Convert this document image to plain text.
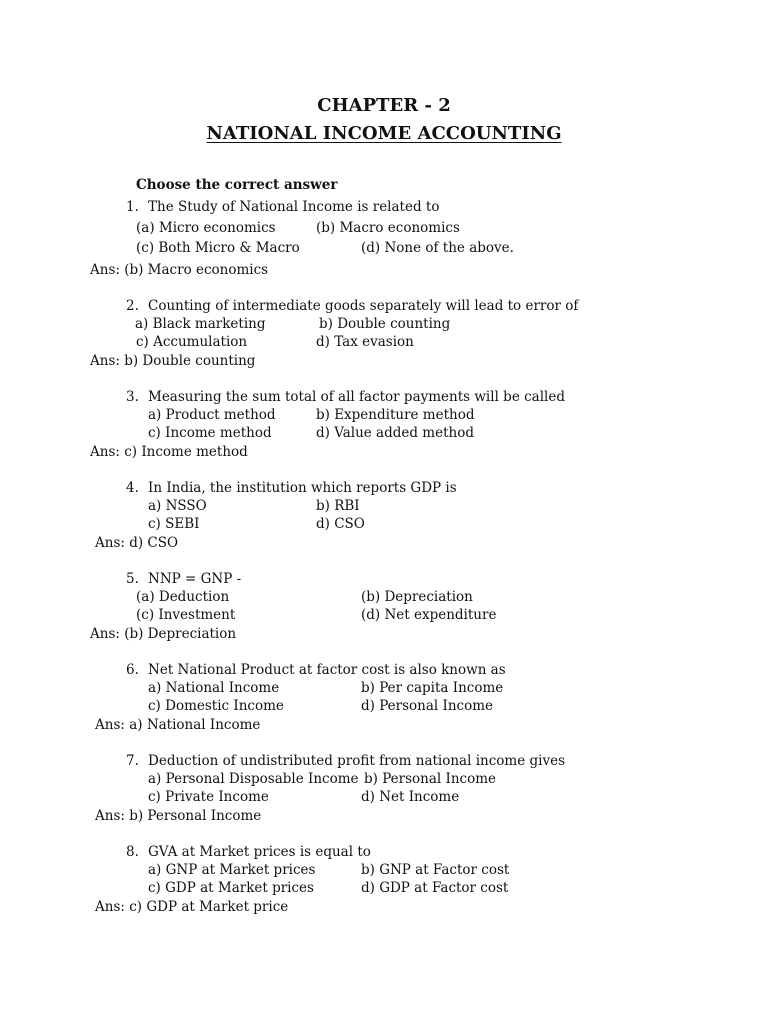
CHAPTER - 2
NATIONAL INCOME ACCOUNTING
Choose the correct answer
1. The Study of National Income is related to
(a) Micro economics	(b) Macro economics
(c) Both Micro & Macro	(d) None of the above.
Ans: (b) Macro economics
2. Counting of intermediate goods separately will lead to error of
a) Black marketing	b) Double counting
c) Accumulation	d) Tax evasion
Ans: b) Double counting
3. Measuring the sum total of all factor payments will be called
a) Product method	b) Expenditure method
c) Income method	d) Value added method
Ans: c) Income method
4. In India, the institution which reports GDP is
a) NSSO	b) RBI
c) SEBI	d) CSO
Ans: d) CSO
5. NNP = GNP -
(a) Deduction	(b) Depreciation
(c) Investment	(d) Net expenditure
Ans: (b) Depreciation
6. Net National Product at factor cost is also known as
a) National Income	b) Per capita Income
c) Domestic Income	d) Personal Income
Ans: a) National Income
7. Deduction of undistributed profit from national income gives
a) Personal Disposable Income b) Personal Income
c) Private Income	d) Net Income
Ans: b) Personal Income
8. GVA at Market prices is equal to
a) GNP at Market prices	b) GNP at Factor cost
c) GDP at Market prices	d) GDP at Factor cost
Ans: c) GDP at Market price
